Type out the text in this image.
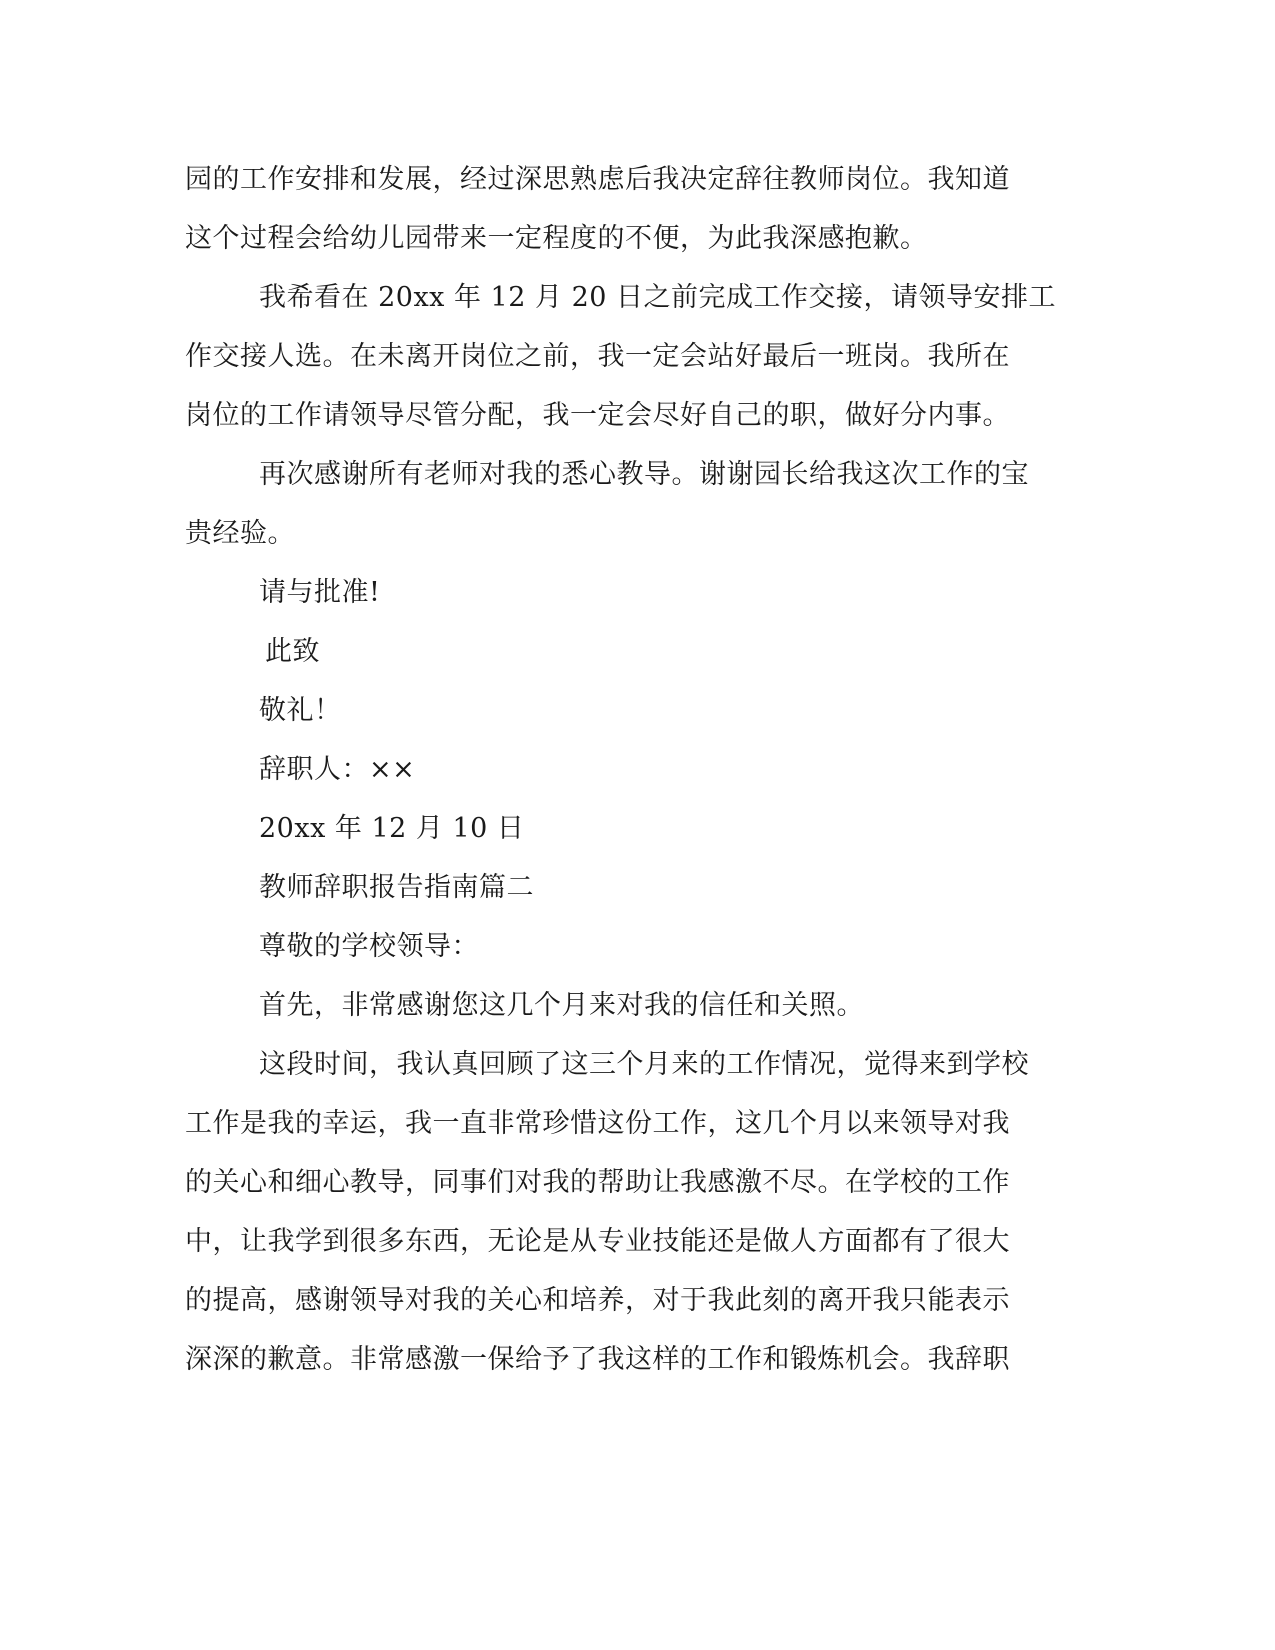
园的工作安排和发展，经过深思熟虑后我决定辞往教师岗位。我知道
这个过程会给幼儿园带来一定程度的不便，为此我深感抱歉。
我希看在 20xx 年 12 月 20 日之前完成工作交接，请领导安排工
作交接人选。在未离开岗位之前，我一定会站好最后一班岗。我所在
岗位的工作请领导尽管分配，我一定会尽好自己的职，做好分内事。
再次感谢所有老师对我的悉心教导。谢谢园长给我这次工作的宝
贵经验。
请与批准!
此致
敬礼！
辞职人：××
20xx 年 12 月 10 日
教师辞职报告指南篇二
尊敬的学校领导：
首先，非常感谢您这几个月来对我的信任和关照。
这段时间，我认真回顾了这三个月来的工作情况，觉得来到学校
工作是我的幸运，我一直非常珍惜这份工作，这几个月以来领导对我
的关心和细心教导，同事们对我的帮助让我感激不尽。在学校的工作
中，让我学到很多东西，无论是从专业技能还是做人方面都有了很大
的提高，感谢领导对我的关心和培养，对于我此刻的离开我只能表示
深深的歉意。非常感激一保给予了我这样的工作和锻炼机会。我辞职
